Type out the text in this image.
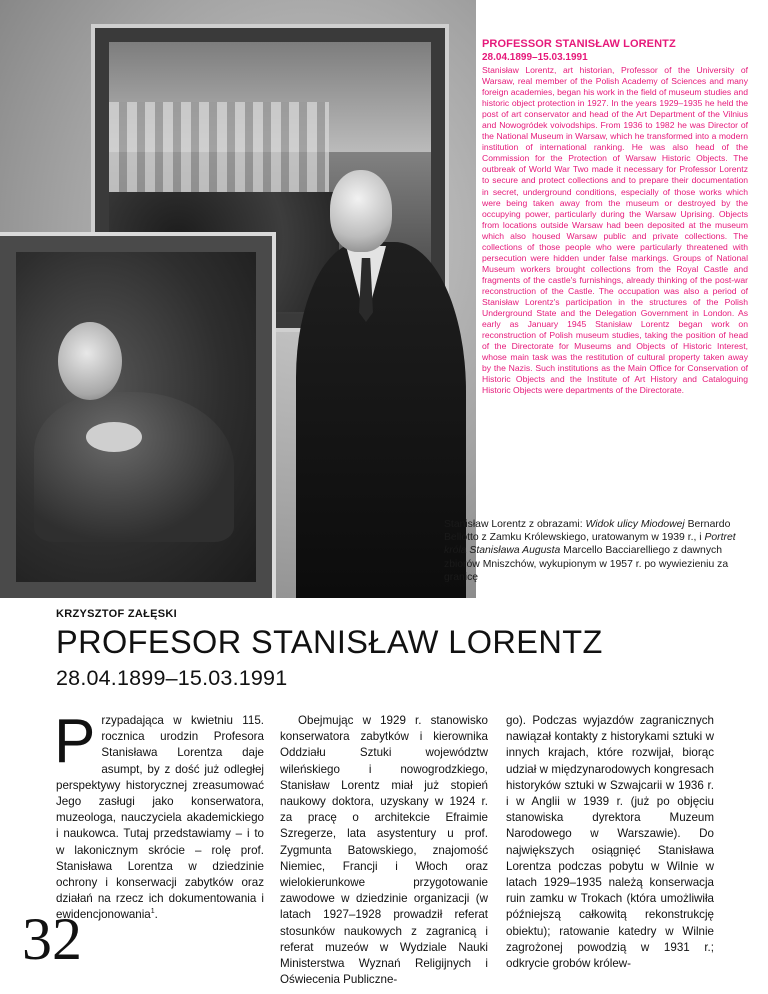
PROFESSOR STANISŁAW LORENTZ
28.04.1899–15.03.1991
Stanisław Lorentz, art historian, Professor of the University of Warsaw, real member of the Polish Academy of Sciences and many foreign academies, began his work in the field of museum studies and historic object protection in 1927. In the years 1929–1935 he held the post of art conservator and head of the Art Department of the Vilnius and Nowogródek voivodships. From 1936 to 1982 he was Director of the National Museum in Warsaw, which he transformed into a modern institution of international ranking. He was also head of the Commission for the Protection of Warsaw Historic Objects. The outbreak of World War Two made it necessary for Professor Lorentz to secure and protect collections and to prepare their documentation in secret, underground conditions, especially of those works which were being taken away from the museum or destroyed by the occupying power, particularly during the Warsaw Uprising. Objects from locations outside Warsaw had been deposited at the museum which also housed Warsaw public and private collections. The collections of those people who were particularly threatened with persecution were hidden under false markings. Groups of National Museum workers brought collections from the Royal Castle and fragments of the castle's furnishings, already thinking of the post-war reconstruction of the Castle. The occupation was also a period of Stanisław Lorentz's participation in the structures of the Polish Underground State and the Delegation Government in London. As early as January 1945 Stanisław Lorentz began work on reconstruction of Polish museum studies, taking the position of head of the Directorate for Museums and Objects of Historic Interest, whose main task was the restitution of cultural property taken away by the Nazis. Such institutions as the Main Office for Conservation of Historic Objects and the Institute of Art History and Cataloguing Historic Objects were departments of the Directorate.
Stanisław Lorentz z obrazami: Widok ulicy Miodowej Bernardo Bellotto z Zamku Królewskiego, uratowanym w 1939 r., i Portret króla Stanisława Augusta Marcello Bacciarelliego z dawnych zbiorów Mniszchów, wykupionym w 1957 r. po wywiezieniu za granicę
KRZYSZTOF ZAŁĘSKI
PROFESOR STANISŁAW LORENTZ
28.04.1899–15.03.1991
Przypadająca w kwietniu 115. rocznica urodzin Profesora Stanisława Lorentza daje asumpt, by z dość już odległej perspektywy historycznej zreasumować Jego zasługi jako konserwatora, muzeologa, nauczyciela akademickiego i naukowca. Tutaj przedstawiamy – i to w lakonicznym skrócie – rolę prof. Stanisława Lorentza w dziedzinie ochrony i konserwacji zabytków oraz działań na rzecz ich dokumentowania i ewidencjonowania$^1$.
Obejmując w 1929 r. stanowisko konserwatora zabytków i kierownika Oddziału Sztuki województw wileńskiego i nowogrodzkiego, Stanisław Lorentz miał już stopień naukowy doktora, uzyskany w 1924 r. za pracę o architekcie Efraimie Szregerze, lata asystentury u prof. Zygmunta Batowskiego, znajomość Niemiec, Francji i Włoch oraz wielokierunkowe przygotowanie zawodowe w dziedzinie organizacji (w latach 1927–1928 prowadził referat stosunków naukowych z zagranicą i referat muzeów w Wydziale Nauki Ministerstwa Wyznań Religijnych i Oświecenia Publiczne-
go). Podczas wyjazdów zagranicznych nawiązał kontakty z historykami sztuki w innych krajach, które rozwijał, biorąc udział w międzynarodowych kongresach historyków sztuki w Szwajcarii w 1936 r. i w Anglii w 1939 r. (już po objęciu stanowiska dyrektora Muzeum Narodowego w Warszawie). Do największych osiągnięć Stanisława Lorentza podczas pobytu w Wilnie w latach 1929–1935 należą konserwacja ruin zamku w Trokach (która umożliwiła późniejszą całkowitą rekonstrukcję obiektu); ratowanie katedry w Wilnie zagrożonej powodzią w 1931 r.; odkrycie grobów królew-
32
